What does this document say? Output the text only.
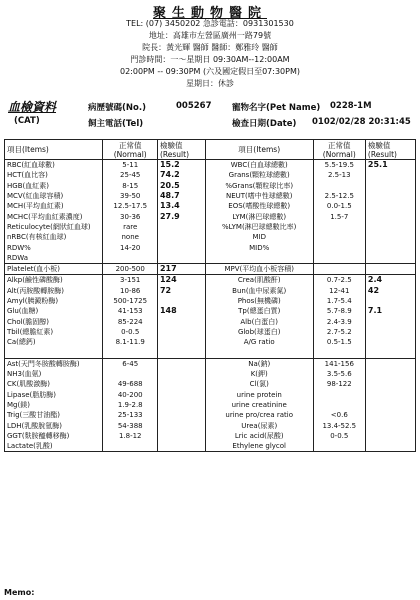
聚生動物醫院
TEL: (07) 3450202 急診電話：0931301530
地址：高雄市左營區廣州一路79號
院長：黃光輝 醫師 醫師：鄭雅玲 醫師
門診時間：一～星期日 09:30AM--12:00AM
02:00PM -- 09:30PM (六及國定假日至07:30PM)
星期日：休診
血檢資料
(CAT)
病歷號碼(No.)	005267
飼主電話(Tel)
寵物名字(Pet Name) 0228-1M
檢查日期(Date) 0102/02/28 20:31:45
項目(Items)	正常值
(Normal)	檢驗值
(Result)	項目(Items)	正常值
(Normal)	檢驗值
(Result)
RBC(紅血球數)	5-11	15.2	WBC(白血球總數)	5.5-19.5	25.1
HCT(血比容)	25-45	74.2	Grans(顆粒球總數)	2.5-13	
HGB(血紅素)	8-15	20.5	%Grans(顆粒球比率)		
MCV(紅血球容積)	39-50	48.7	NEUT(嗜中性球總數)	2.5-12.5	
MCH(平均血紅素)	12.5-17.5	13.4	EOS(嗜酸性球總數)	0.0-1.5	
MCHC(平均血紅素濃度)	30-36	27.9	LYM(淋巴球總數)	1.5-7	
Reticulocyte(網狀紅血球)	rare		%LYM(淋巴球總數比率)		
nRBC(有核紅血球)	none		MID		
RDW%	14-20		MID%		
RDWa					
Platelet(血小板)	200-500	217	MPV(平均血小板容積)		
Alkp(鹼性磷酸酶)	3-151	124	Crea(肌酸酐)	0.7-2.5	2.4
Alt(丙胺酸轉胺酶)	10-86	72	Bun(血中尿素氮)	12-41	42
Amyl(胰澱粉酶)	500-1725		Phos(無機磷)	1.7-5.4	
Glu(血糖)	41-153	148	Tp(總蛋白質)	5.7-8.9	7.1
Chol(膽固醇)	85-224		Alb(白蛋白)	2.4-3.9	
Tbil(總膽紅素)	0-0.5		Glob(球蛋白)	2.7-5.2	
Ca(總鈣)	8.1-11.9		A/G ratio	0.5-1.5	

Ast(天門冬胺酸轉胺酶)	6-45		Na(鈉)	141-156	
NH3(血氨)			K(鉀)	3.5-5.6	
CK(肌酸激酶)	49-688		Cl(氯)	98-122	
Lipase(脂肪酶)	40-200		urine protein		
Mg(鎂)	1.9-2.8		urine creatinine		
Trig(三酸甘油酯)	25-133		urine pro/crea ratio	<0.6	
LDH(乳酸脫氫酶)	54-388		Urea(尿素)	13.4-52.5	
GGT(麩胺醯轉移酶)	1.8-12		Lric acid(尿酸)	0-0.5	
Lactate(乳酸)			Ethylene glycol		
Memo:
